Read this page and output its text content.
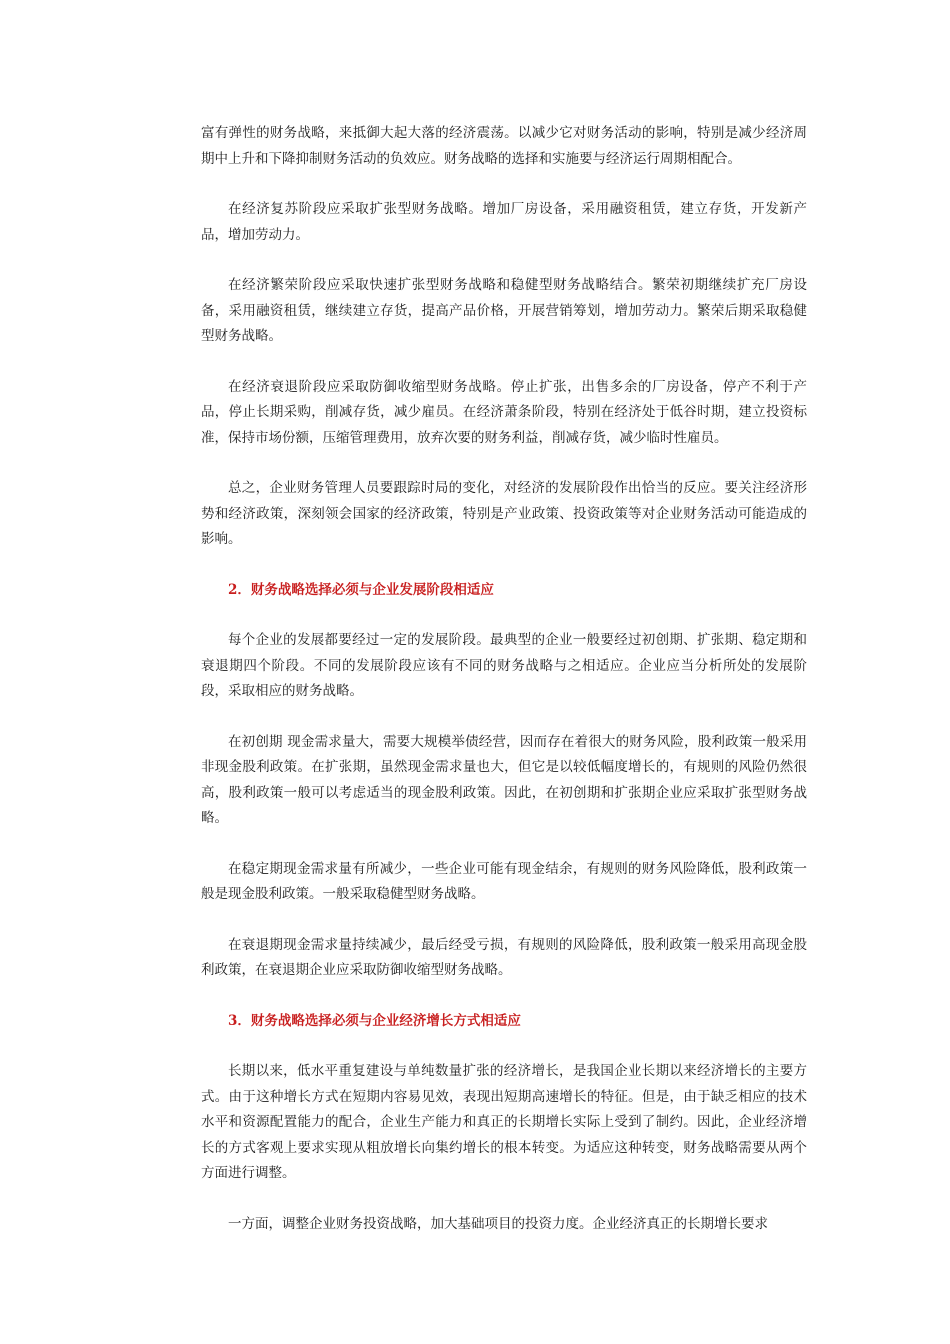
富有弹性的财务战略，来抵御大起大落的经济震荡。以减少它对财务活动的影响，特别是减少经济周期中上升和下降抑制财务活动的负效应。财务战略的选择和实施要与经济运行周期相配合。

在经济复苏阶段应采取扩张型财务战略。增加厂房设备，采用融资租赁，建立存货，开发新产品，增加劳动力。

在经济繁荣阶段应采取快速扩张型财务战略和稳健型财务战略结合。繁荣初期继续扩充厂房设备，采用融资租赁，继续建立存货，提高产品价格，开展营销筹划，增加劳动力。繁荣后期采取稳健型财务战略。

在经济衰退阶段应采取防御收缩型财务战略。停止扩张，出售多余的厂房设备，停产不利于产品，停止长期采购，削减存货，减少雇员。在经济萧条阶段，特别在经济处于低谷时期，建立投资标准，保持市场份额，压缩管理费用，放弃次要的财务利益，削减存货，减少临时性雇员。

总之，企业财务管理人员要跟踪时局的变化，对经济的发展阶段作出恰当的反应。要关注经济形势和经济政策，深刻领会国家的经济政策，特别是产业政策、投资政策等对企业财务活动可能造成的影响。

2．财务战略选择必须与企业发展阶段相适应

每个企业的发展都要经过一定的发展阶段。最典型的企业一般要经过初创期、扩张期、稳定期和衰退期四个阶段。不同的发展阶段应该有不同的财务战略与之相适应。企业应当分析所处的发展阶段，采取相应的财务战略。

在初创期 现金需求量大，需要大规模举债经营，因而存在着很大的财务风险，股利政策一般采用非现金股利政策。在扩张期，虽然现金需求量也大，但它是以较低幅度增长的，有规则的风险仍然很高，股利政策一般可以考虑适当的现金股利政策。因此，在初创期和扩张期企业应采取扩张型财务战略。

在稳定期现金需求量有所减少，一些企业可能有现金结余，有规则的财务风险降低，股利政策一般是现金股利政策。一般采取稳健型财务战略。

在衰退期现金需求量持续减少，最后经受亏损，有规则的风险降低，股利政策一般采用高现金股利政策，在衰退期企业应采取防御收缩型财务战略。

3．财务战略选择必须与企业经济增长方式相适应

长期以来，低水平重复建设与单纯数量扩张的经济增长，是我国企业长期以来经济增长的主要方式。由于这种增长方式在短期内容易见效，表现出短期高速增长的特征。但是，由于缺乏相应的技术水平和资源配置能力的配合，企业生产能力和真正的长期增长实际上受到了制约。因此，企业经济增长的方式客观上要求实现从粗放增长向集约增长的根本转变。为适应这种转变，财务战略需要从两个方面进行调整。

一方面，调整企业财务投资战略，加大基础项目的投资力度。企业经济真正的长期增长要求
